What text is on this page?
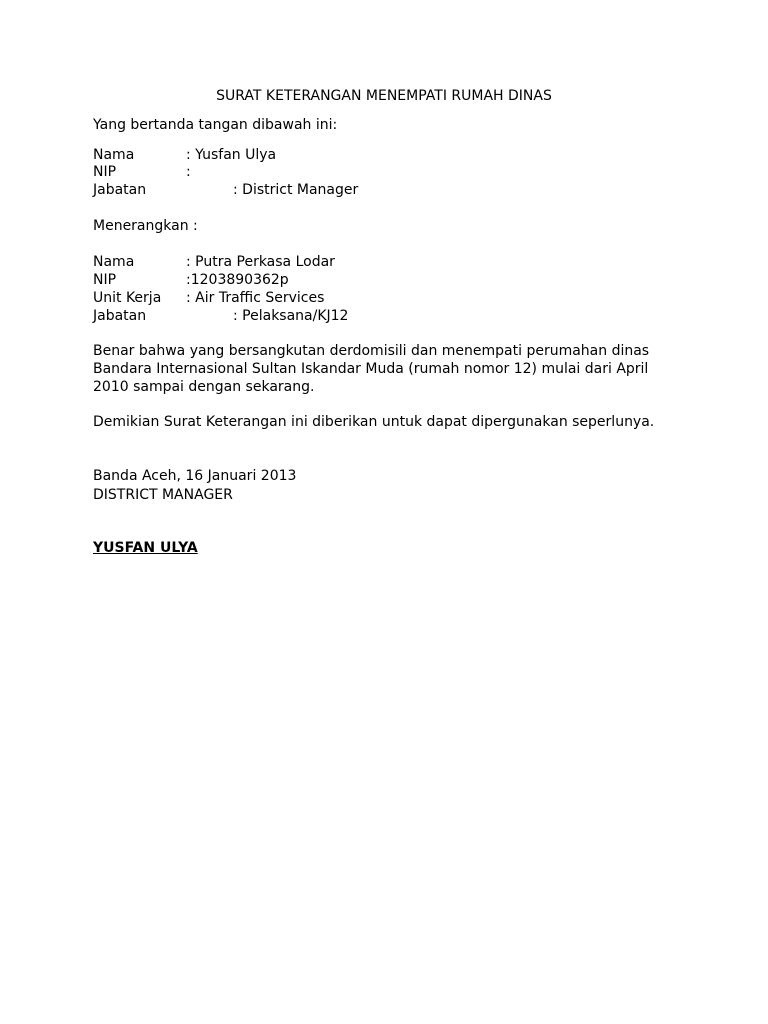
SURAT KETERANGAN MENEMPATI RUMAH DINAS
Yang bertanda tangan dibawah ini:
Nama	: Yusfan Ulya
NIP	:
Jabatan	: District Manager
Menerangkan :
Nama	: Putra Perkasa Lodar
NIP	:1203890362p
Unit Kerja : Air Traffic Services
Jabatan	: Pelaksana/KJ12
Benar bahwa yang bersangkutan derdomisili dan menempati perumahan dinas
Bandara Internasional Sultan Iskandar Muda (rumah nomor 12) mulai dari April
2010 sampai dengan sekarang.
Demikian Surat Keterangan ini diberikan untuk dapat dipergunakan seperlunya.
Banda Aceh, 16 Januari 2013
DISTRICT MANAGER
YUSFAN ULYA
